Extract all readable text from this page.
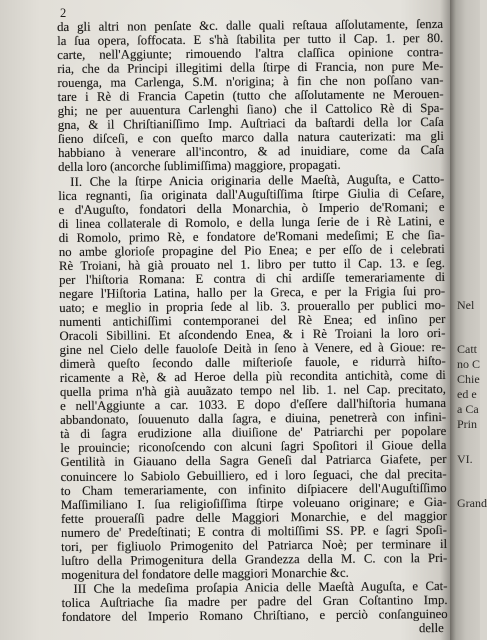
2
da gli altri non penſate &c. dalle quali reſtaua aſſolutamente, ſenza
la ſua opera, ſoffocata. E s'hà ſtabilita per tutto il Cap. 1. per 80.
carte, nell'Aggiunte; rimouendo l'altra claſſica opinione contra-
ria, che da Principi illegitimi della ſtirpe di Francia, non pure Me-
rouenga, ma Carlenga, S.M. n'origina; à fin che non poſſano van-
tare i Rè di Francia Capetin (tutto che aſſolutamente ne Merouen-
ghi; ne per auuentura Carlenghi ſiano) che il Cattolico Rè di Spa-
gna, & il Chriſtianiſſimo Imp. Auſtriaci da baſtardi della lor Caſa
ſieno diſceſi, e con queſto marco dalla natura cauterizati: ma gli
habbiano à venerare all'incontro, & ad inuidiare, come da Caſa
della loro (ancorche ſublimiſſima) maggiore, propagati.
II. Che la ſtirpe Anicia originaria delle Maeſtà, Auguſta, e Catto-
lica regnanti, ſia originata dall'Auguſtiſſima ſtirpe Giulia di Ceſare,
e d'Auguſto, fondatori della Monarchia, ò Imperio de'Romani; e
di linea collaterale di Romolo, e della lunga ſerie de i Rè Latini, e
di Romolo, primo Rè, e fondatore de'Romani medeſimi; E che ſia-
no ambe glorioſe propagine del Pio Enea; e per eſſo de i celebrati
Rè Troiani, hà già prouato nel 1. libro per tutto il Cap. 13. e ſeg.
per l'hiſtoria Romana: E contra di chi ardiſſe temerariamente di
negare l'Hiſtoria Latina, hallo per la Greca, e per la Frigia ſui pro-
uato; e meglio in propria ſede al lib. 3. prouerallo per publici mo-
numenti antichiſſimi contemporanei del Rè Enea; ed inſino per
Oracoli Sibillini. Et aſcondendo Enea, & i Rè Troiani la loro ori-
gine nel Cielo delle fauoloſe Deità in ſeno à Venere, ed à Gioue: re-
dimerà queſto ſecondo dalle miſterioſe fauole, e ridurrà hiſto-
ricamente a Rè, & ad Heroe della più recondita antichità, come di
quella prima n'hà già auuãzato tempo nel lib. 1. nel Cap. precitato,
e nell'Aggiunte a car. 1033. E dopo d'eſſere dall'hiſtoria humana
abbandonato, ſouuenuto dalla ſagra, e diuina, penetrerà con infini-
tà di ſagra erudizione alla diuiſione de' Patriarchi per popolare
le prouincie; riconoſcendo con alcuni ſagri Spoſitori il Gioue della
Gentilità in Giauano della Sagra Geneſi dal Patriarca Giafete, per
conuincere lo Sabiolo Gebuilliero, ed i loro ſeguaci, che dal precita-
to Cham temerariamente, con infinito diſpiacere dell'Auguſtiſſimo
Maſſimiliano I. ſua religioſiſſima ſtirpe voleuano originare; e Gia-
fette proueraſſi padre delle Maggiori Monarchie, e del maggior
numero de' Predeſtinati; E contra di moltiſſimi SS. PP. e ſagri Spoſi-
tori, per figliuolo Primogenito del Patriarca Noè; per terminare il
luſtro della Primogenitura della Grandezza della M. C. con la Pri-
mogenitura del fondatore delle maggiori Monarchie &c.
III Che la medeſima proſapia Anicia delle Maeſtà Auguſta, e Cat-
tolica Auſtriache ſia madre per padre del Gran Coſtantino Imp.
fondatore del Imperio Romano Chriſtiano, e perciò conſanguineo
delle
Nel
Catt
no C
Chie
ed e
a Ca
Prin
VI.
Grand
